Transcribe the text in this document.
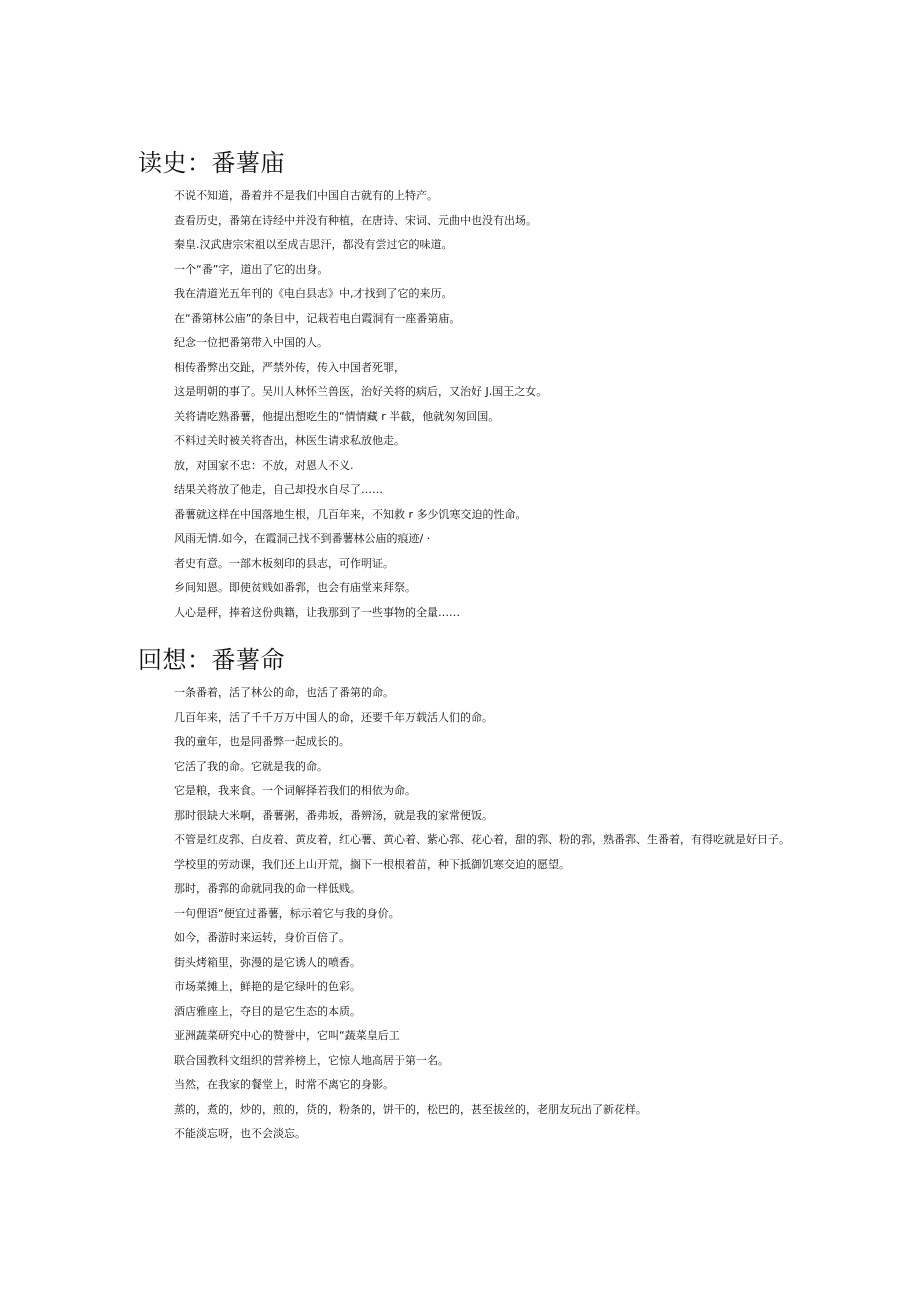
读史：番薯庙
不说不知道，番着并不是我们中国自古就有的上特产。
查看历史，番第在诗经中并没有种植，在唐诗、宋词、元曲中也没有出场。
秦皇.汉武唐宗宋祖以至成吉思汗，都没有尝过它的味道。
一个“番”字，道出了它的出身。
我在清道光五年刊的《电白县志》中,才找到了它的来历。
在“番第林公庙”的条目中，记栽若电白霞洞有一座番第庙。
纪念一位把番第带入中国的人。
相传番弊出交趾，严禁外传，传入中国者死罪，
这是明朝的事了。吴川人林怀兰兽医，治好关将的病后，又治好 J.国王之女。
关将请吃熟番薯，他提出想吃生的“情情藏 r 半截，他就匆匆回国。
不料过关时被关将杳出，林医生请求私放他走。
放，对国家不忠：不放，对恩人不义.
结果关将放了他走，自己却投水自尽了……
番薯就这样在中国落地生根，几百年来，不知救 r 多少饥寒交迫的性命。
风雨无情.如今，在霞洞己找不到番薯林公庙的痕迹/ ·
者史有意。一部木板刻印的县志，可作明证。
乡间知恩。即使贫贱如番郛，也会有庙堂来拜祭。
人心是秤，捧着这份典籍，让我那到了一些事物的全量……
回想：番薯命
一条番着，活了林公的命，也活了番第的命。
几百年来，活了千千万万中国人的命，还要千年万载活人们的命。
我的童年，也是同番弊一起成长的。
它活了我的命。它就是我的命。
它是粮，我来食。一个词解择若我们的相依为命。
那时很缺大米啊，番薯粥，番弗坂，番辨汤，就是我的家常便饭。
不管是红皮郛、白皮着、黄皮着，红心薯、黄心着、紫心郛、花心着，甜的郛、粉的郛，熟番郛、生番着，有得吃就是好日子。
学校里的劳动课，我们还上山开荒，搁下一根根着苗，种下抵御饥寒交迫的愿望。
那时，番郛的命就同我的命一样低贱。
一句俚语“便宜过番薯，标示着它与我的身价。
如今，番游时来运转，身价百倍了。
街头烤箱里，弥漫的是它诱人的喷香。
市场菜摊上，鲜艳的是它绿叶的色彩。
酒店雅座上，夺目的是它生态的本质。
亚洲蔬菜研究中心的赞誉中，它叫“蔬菜皇后工
联合国教科文组织的营养榜上，它惊人地高居于第一名。
当然，在我家的餐堂上，时常不离它的身影。
蒸的，煮的，炒的，煎的，货的，粉条的，饼干的，松巴的，甚至拔丝的，老朋友玩出了新花样。
不能淡忘呀，也不会淡忘。
